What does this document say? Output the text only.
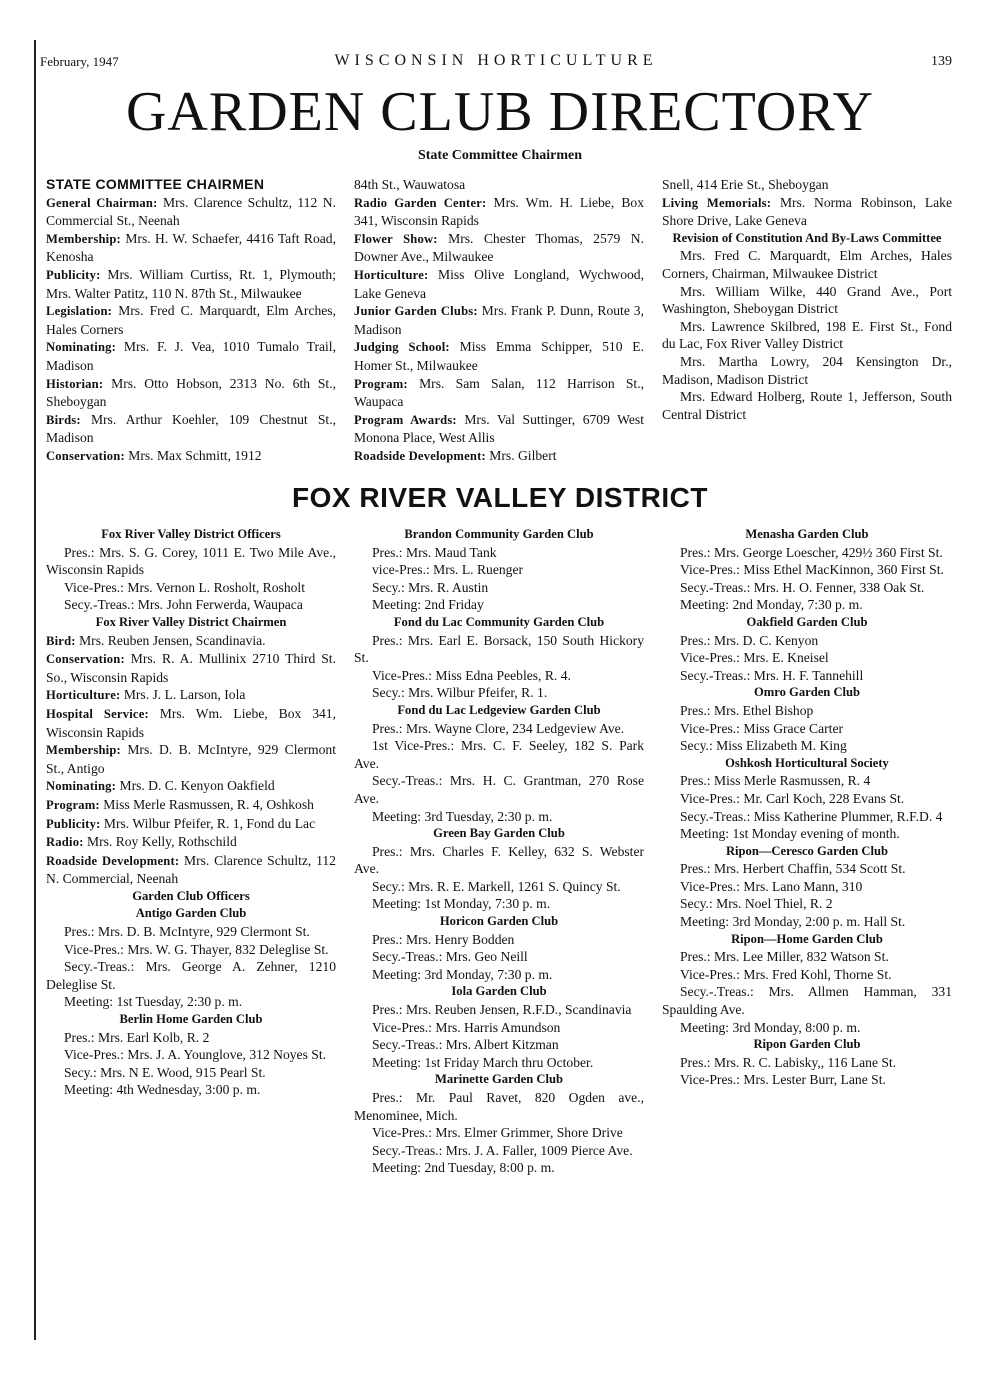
February, 1947	WISCONSIN HORTICULTURE	139
GARDEN CLUB DIRECTORY

State Committee Chairmen

STATE COMMITTEE CHAIRMEN

General Chairman: Mrs. Clarence Schultz, 112 N. Commercial St., Neenah

Membership: Mrs. H. W. Schaefer, 4416 Taft Road, Kenosha

Publicity: Mrs. William Curtiss, Rt. 1, Plymouth; Mrs. Walter Patitz, 110 N. 87th St., Milwaukee

Legislation: Mrs. Fred C. Marquardt, Elm Arches, Hales Corners

Nominating: Mrs. F. J. Vea, 1010 Tumalo Trail, Madison

Historian: Mrs. Otto Hobson, 2313 No. 6th St., Sheboygan

Birds: Mrs. Arthur Koehler, 109 Chestnut St., Madison

Conservation: Mrs. Max Schmitt, 1912

84th St., Wauwatosa

Radio Garden Center: Mrs. Wm. H. Liebe, Box 341, Wisconsin Rapids

Flower Show: Mrs. Chester Thomas, 2579 N. Downer Ave., Milwaukee

Horticulture: Miss Olive Longland, Wychwood, Lake Geneva

Junior Garden Clubs: Mrs. Frank P. Dunn, Route 3, Madison

Judging School: Miss Emma Schipper, 510 E. Homer St., Milwaukee

Program: Mrs. Sam Salan, 112 Harrison St., Waupaca

Program Awards: Mrs. Val Suttinger, 6709 West Monona Place, West Allis

Roadside Development: Mrs. Gilbert

Snell, 414 Erie St., Sheboygan

Living Memorials: Mrs. Norma Robinson, Lake Shore Drive, Lake Geneva

Revision of Constitution And By-Laws Committee

Mrs. Fred C. Marquardt, Elm Arches, Hales Corners, Chairman, Milwaukee District

Mrs. William Wilke, 440 Grand Ave., Port Washington, Sheboygan District

Mrs. Lawrence Skilbred, 198 E. First St., Fond du Lac, Fox River Valley District

Mrs. Martha Lowry, 204 Kensington Dr., Madison, Madison District

Mrs. Edward Holberg, Route 1, Jefferson, South Central District

FOX RIVER VALLEY DISTRICT

Fox River Valley District Officers

Pres.: Mrs. S. G. Corey, 1011 E. Two Mile Ave., Wisconsin Rapids

Vice-Pres.: Mrs. Vernon L. Rosholt, Rosholt

Secy.-Treas.: Mrs. John Ferwerda, Waupaca

Fox River Valley District Chairmen

Bird: Mrs. Reuben Jensen, Scandinavia.

Conservation: Mrs. R. A. Mullinix 2710 Third St. So., Wisconsin Rapids

Horticulture: Mrs. J. L. Larson, Iola

Hospital Service: Mrs. Wm. Liebe, Box 341, Wisconsin Rapids

Membership: Mrs. D. B. McIntyre, 929 Clermont St., Antigo

Nominating: Mrs. D. C. Kenyon Oakfield

Program: Miss Merle Rasmussen, R. 4, Oshkosh

Publicity: Mrs. Wilbur Pfeifer, R. 1, Fond du Lac

Radio: Mrs. Roy Kelly, Rothschild

Roadside Development: Mrs. Clarence Schultz, 112 N. Commercial, Neenah

Garden Club Officers

Antigo Garden Club

Pres.: Mrs. D. B. McIntyre, 929 Clermont St.

Vice-Pres.: Mrs. W. G. Thayer, 832 Deleglise St.

Secy.-Treas.: Mrs. George A. Zehner, 1210 Deleglise St.

Meeting: 1st Tuesday, 2:30 p. m.

Berlin Home Garden Club

Pres.: Mrs. Earl Kolb, R. 2

Vice-Pres.: Mrs. J. A. Younglove, 312 Noyes St.

Secy.: Mrs. N E. Wood, 915 Pearl St.

Meeting: 4th Wednesday, 3:00 p. m.

Brandon Community Garden Club

Pres.: Mrs. Maud Tank

vice-Pres.: Mrs. L. Ruenger

Secy.: Mrs. R. Austin

Meeting: 2nd Friday

Fond du Lac Community Garden Club

Pres.: Mrs. Earl E. Borsack, 150 South Hickory St.

Vice-Pres.: Miss Edna Peebles, R. 4.

Secy.: Mrs. Wilbur Pfeifer, R. 1.

Fond du Lac Ledgeview Garden Club

Pres.: Mrs. Wayne Clore, 234 Ledgeview Ave.

1st Vice-Pres.: Mrs. C. F. Seeley, 182 S. Park Ave.

Secy.-Treas.: Mrs. H. C. Grantman, 270 Rose Ave.

Meeting: 3rd Tuesday, 2:30 p. m.

Green Bay Garden Club

Pres.: Mrs. Charles F. Kelley, 632 S. Webster Ave.

Secy.: Mrs. R. E. Markell, 1261 S. Quincy St.

Meeting: 1st Monday, 7:30 p. m.

Horicon Garden Club

Pres.: Mrs. Henry Bodden

Secy.-Treas.: Mrs. Geo Neill

Meeting: 3rd Monday, 7:30 p. m.

Iola Garden Club

Pres.: Mrs. Reuben Jensen, R.F.D., Scandinavia

Vice-Pres.: Mrs. Harris Amundson

Secy.-Treas.: Mrs. Albert Kitzman

Meeting: 1st Friday March thru October.

Marinette Garden Club

Pres.: Mr. Paul Ravet, 820 Ogden ave., Menominee, Mich.

Vice-Pres.: Mrs. Elmer Grimmer, Shore Drive

Secy.-Treas.: Mrs. J. A. Faller, 1009 Pierce Ave.

Meeting: 2nd Tuesday, 8:00 p. m.

Menasha Garden Club

Pres.: Mrs. George Loescher, 429½ 360 First St.

Vice-Pres.: Miss Ethel MacKinnon, 360 First St.

Secy.-Treas.: Mrs. H. O. Fenner, 338 Oak St.

Meeting: 2nd Monday, 7:30 p. m.

Oakfield Garden Club

Pres.: Mrs. D. C. Kenyon

Vice-Pres.: Mrs. E. Kneisel

Secy.-Treas.: Mrs. H. F. Tannehill

Omro Garden Club

Pres.: Mrs. Ethel Bishop

Vice-Pres.: Miss Grace Carter

Secy.: Miss Elizabeth M. King

Oshkosh Horticultural Society

Pres.: Miss Merle Rasmussen, R. 4

Vice-Pres.: Mr. Carl Koch, 228 Evans St.

Secy.-Treas.: Miss Katherine Plummer, R.F.D. 4

Meeting: 1st Monday evening of month.

Ripon—Ceresco Garden Club

Pres.: Mrs. Herbert Chaffin, 534 Scott St.

Vice-Pres.: Mrs. Lano Mann, 310

Secy.: Mrs. Noel Thiel, R. 2

Meeting: 3rd Monday, 2:00 p. m. Hall St.

Ripon—Home Garden Club

Pres.: Mrs. Lee Miller, 832 Watson St.

Vice-Pres.: Mrs. Fred Kohl, Thorne St.

Secy.-.Treas.: Mrs. Allmen Hamman, 331 Spaulding Ave.

Meeting: 3rd Monday, 8:00 p. m.

Ripon Garden Club

Pres.: Mrs. R. C. Labisky,, 116 Lane St.

Vice-Pres.: Mrs. Lester Burr, Lane St.
